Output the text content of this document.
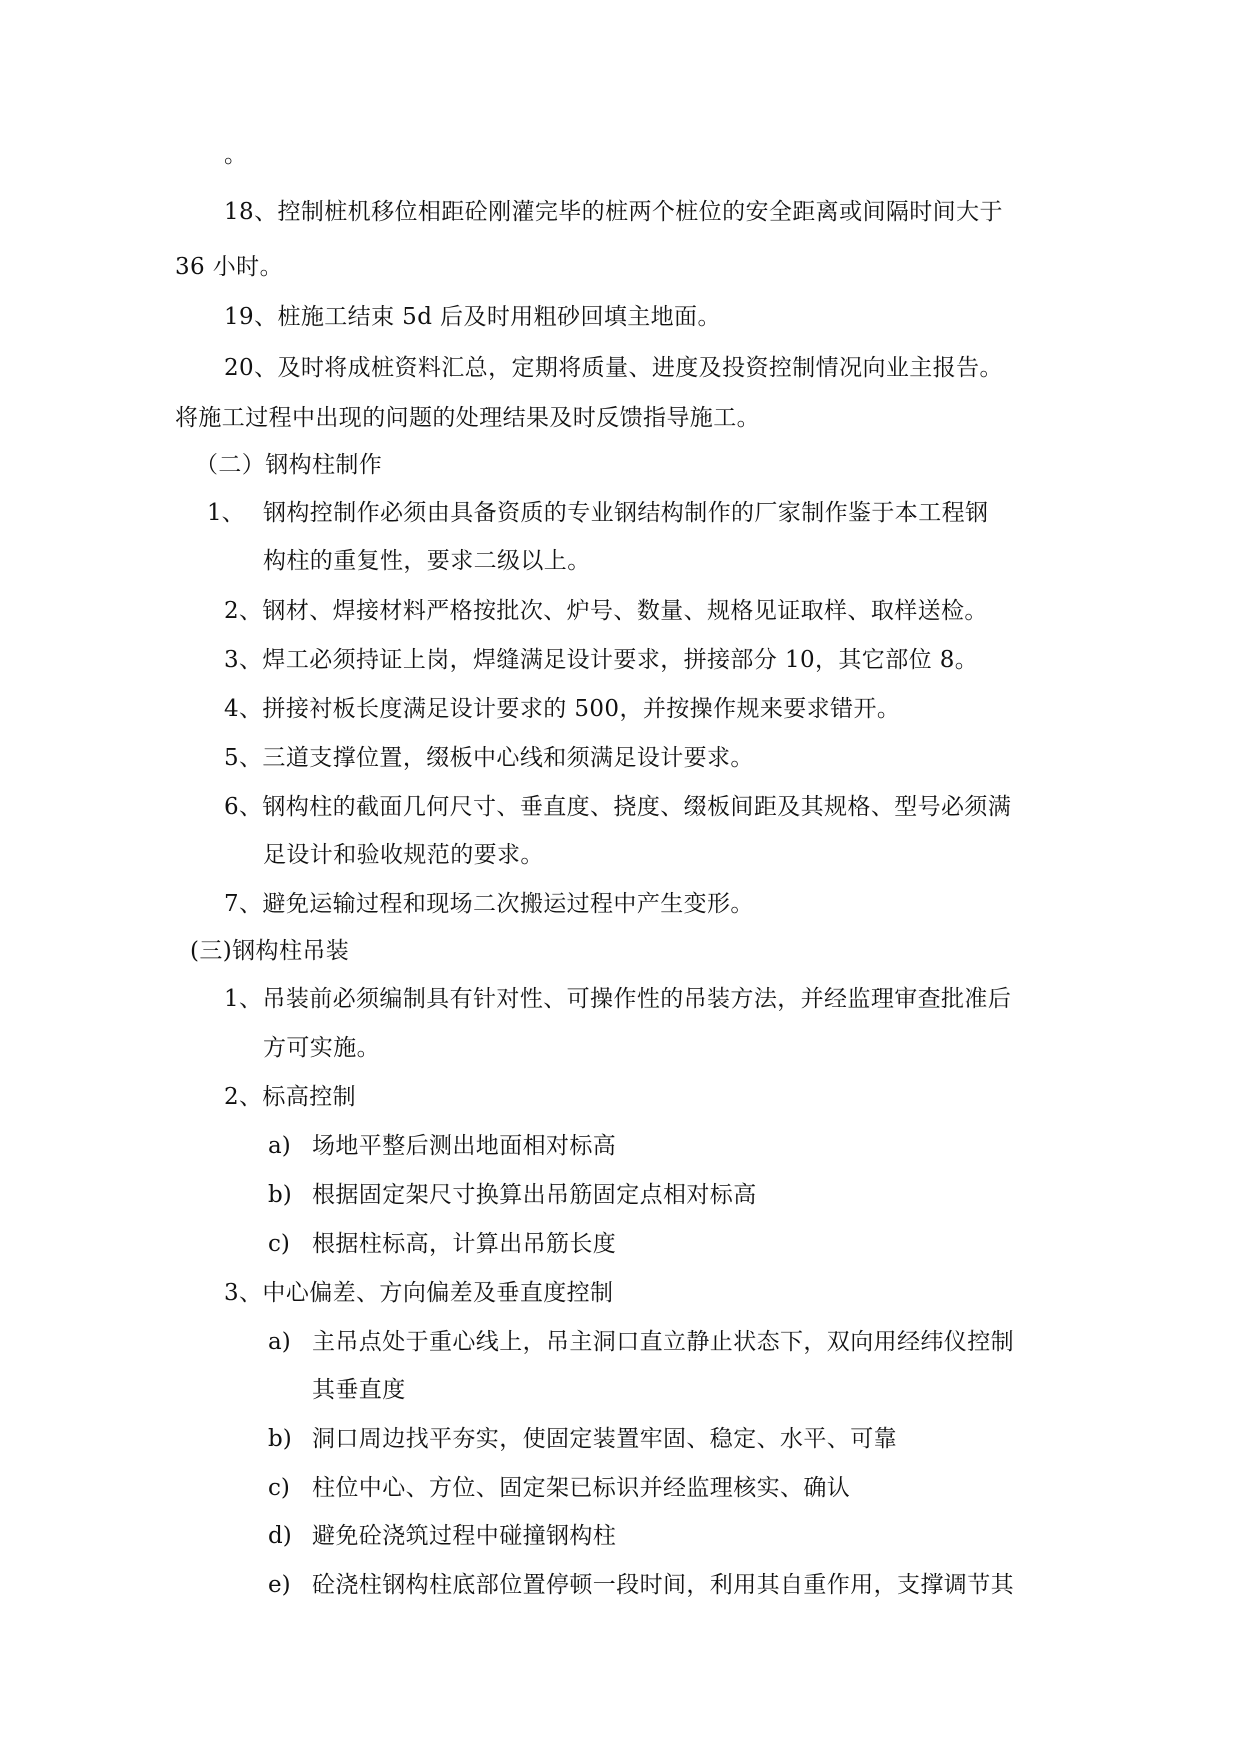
。
18、控制桩机移位相距砼刚灌完毕的桩两个桩位的安全距离或间隔时间大于
36 小时。
19、桩施工结束 5d 后及时用粗砂回填主地面。
20、及时将成桩资料汇总，定期将质量、进度及投资控制情况向业主报告。
将施工过程中出现的问题的处理结果及时反馈指导施工。
（二）钢构柱制作
1、 钢构控制作必须由具备资质的专业钢结构制作的厂家制作鉴于本工程钢
构柱的重复性，要求二级以上。
2、钢材、焊接材料严格按批次、炉号、数量、规格见证取样、取样送检。
3、焊工必须持证上岗，焊缝满足设计要求，拼接部分 10，其它部位 8。
4、拼接衬板长度满足设计要求的 500，并按操作规来要求错开。
5、三道支撑位置，缀板中心线和须满足设计要求。
6、钢构柱的截面几何尺寸、垂直度、挠度、缀板间距及其规格、型号必须满
足设计和验收规范的要求。
7、避免运输过程和现场二次搬运过程中产生变形。
(三)钢构柱吊装
1、吊装前必须编制具有针对性、可操作性的吊装方法，并经监理审查批准后
方可实施。
2、标高控制
a) 场地平整后测出地面相对标高
b) 根据固定架尺寸换算出吊筋固定点相对标高
c) 根据柱标高，计算出吊筋长度
3、中心偏差、方向偏差及垂直度控制
a) 主吊点处于重心线上，吊主洞口直立静止状态下，双向用经纬仪控制
其垂直度
b) 洞口周边找平夯实，使固定装置牢固、稳定、水平、可靠
c) 柱位中心、方位、固定架已标识并经监理核实、确认
d) 避免砼浇筑过程中碰撞钢构柱
e) 砼浇柱钢构柱底部位置停顿一段时间，利用其自重作用，支撑调节其
